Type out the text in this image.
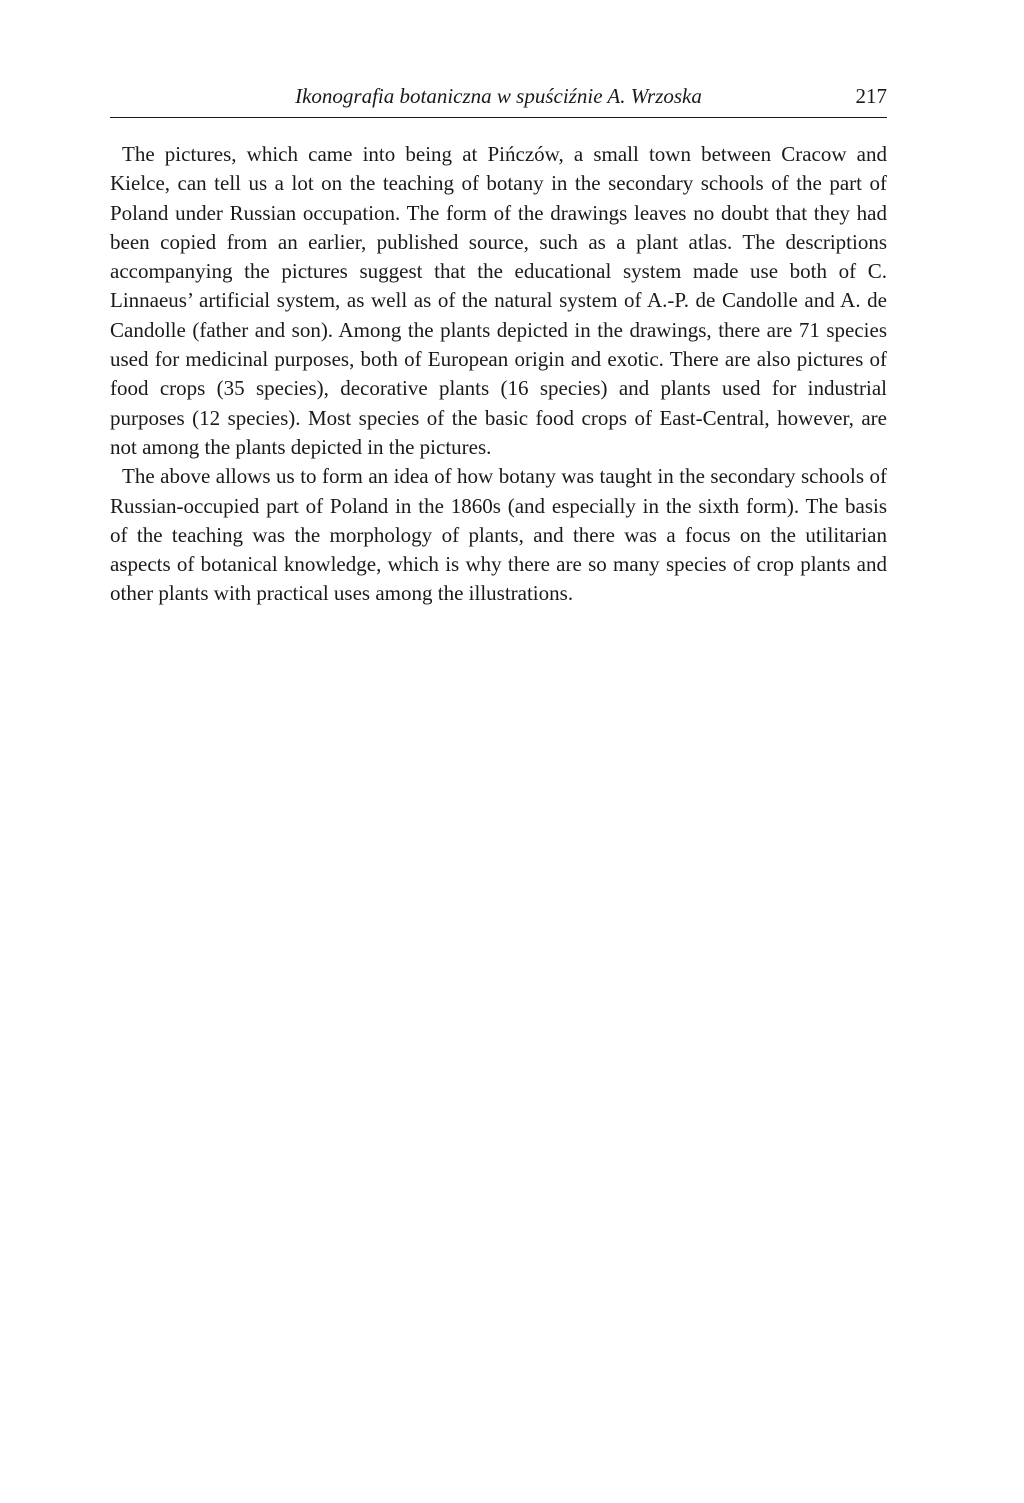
Ikonografia botaniczna w spuściźnie A. Wrzoska	217

The pictures, which came into being at Pińczów, a small town between Cracow and Kielce, can tell us a lot on the teaching of botany in the secondary schools of the part of Poland under Russian occupation. The form of the drawings leaves no doubt that they had been copied from an earlier, published source, such as a plant atlas. The descriptions accompanying the pictures suggest that the educational system made use both of C. Linnaeus’ artificial system, as well as of the natural system of A.-P. de Candolle and A. de Candolle (father and son). Among the plants depicted in the drawings, there are 71 species used for medicinal purposes, both of European origin and exotic. There are also pictures of food crops (35 species), decorative plants (16 species) and plants used for industrial purposes (12 species). Most species of the basic food crops of East-Central, however, are not among the plants depicted in the pictures.

The above allows us to form an idea of how botany was taught in the secondary schools of Russian-occupied part of Poland in the 1860s (and especially in the sixth form). The basis of the teaching was the morphology of plants, and there was a focus on the utilitarian aspects of botanical knowledge, which is why there are so many species of crop plants and other plants with practical uses among the illustrations.
